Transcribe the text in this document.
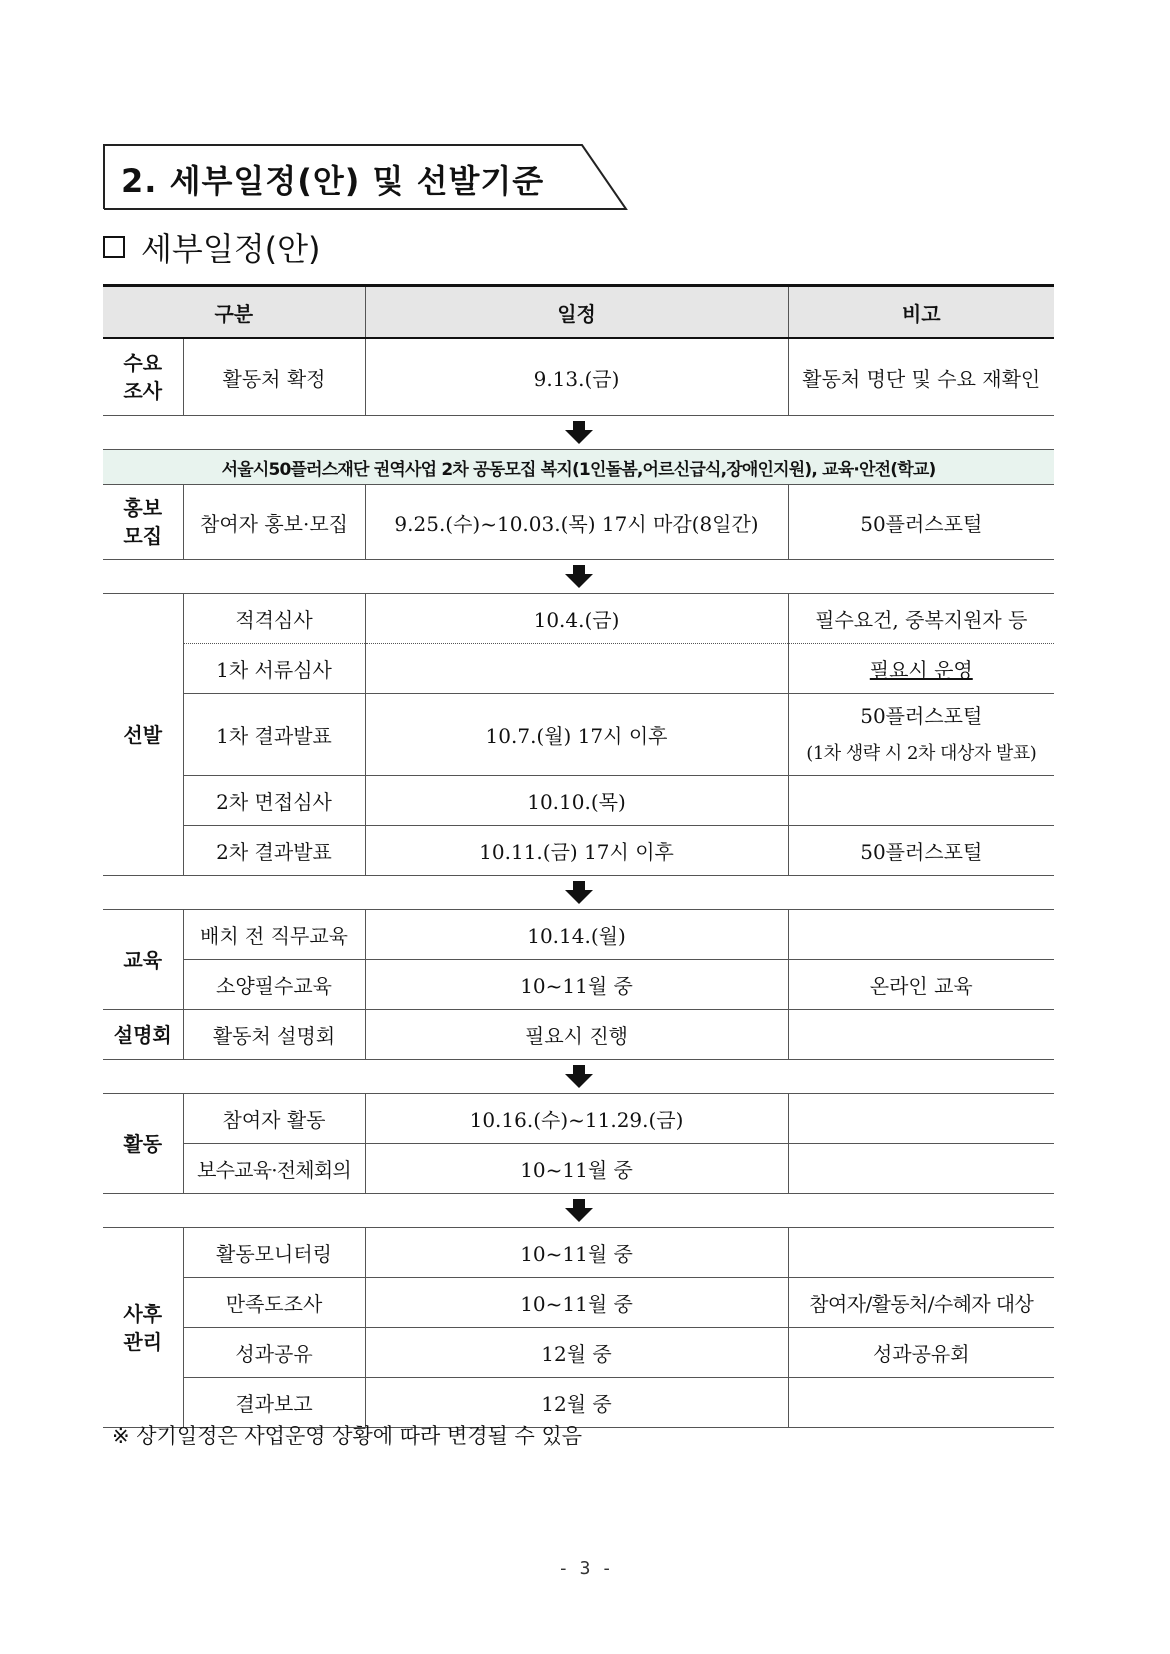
2. 세부일정(안) 및 선발기준
세부일정(안)
구분		일정	비고
수요
조사	활동처 확정	9.13.(금)	활동처 명단 및 수요 재확인

서울시50플러스재단 권역사업 2차 공동모집 복지(1인돌봄,어르신급식,장애인지원), 교육·안전(학교)			
홍보
모집	참여자 홍보·모집	9.25.(수)~10.03.(목) 17시 마감(8일간)	50플러스포털

선발	적격심사	10.4.(금)	필수요건, 중복지원자 등
	1차 서류심사		필요시 운영
	1차 결과발표	10.7.(월) 17시 이후	50플러스포털
(1차 생략 시 2차 대상자 발표)
	2차 면접심사	10.10.(목)	
	2차 결과발표	10.11.(금) 17시 이후	50플러스포털

교육	배치 전 직무교육	10.14.(월)	
	소양필수교육	10~11월 중	온라인 교육
설명회	활동처 설명회	필요시 진행	

활동	참여자 활동	10.16.(수)~11.29.(금)	
	보수교육·전체회의	10~11월 중	

사후
관리	활동모니터링	10~11월 중	
	만족도조사	10~11월 중	참여자/활동처/수혜자 대상
	성과공유	12월 중	성과공유회
	결과보고	12월 중	
※ 상기일정은 사업운영 상황에 따라 변경될 수 있음
- 3 -
